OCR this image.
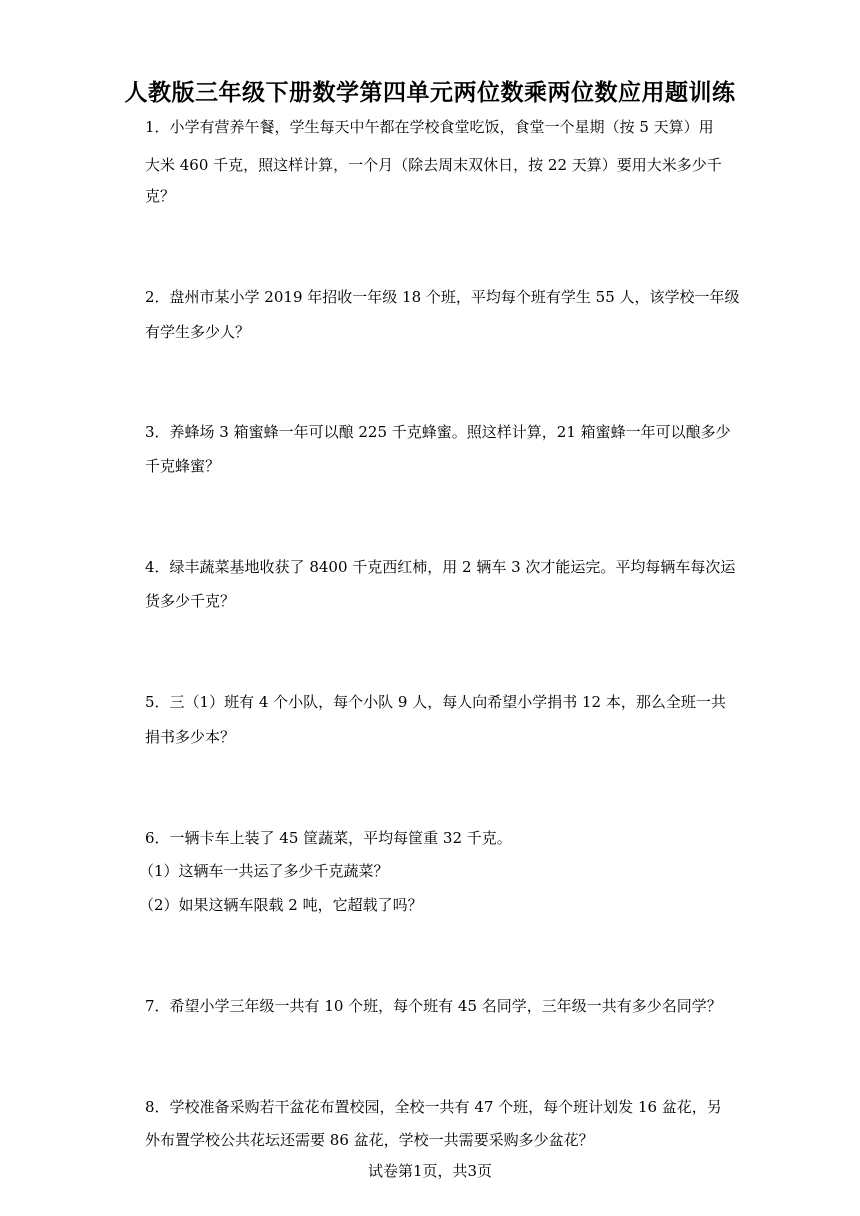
人教版三年级下册数学第四单元两位数乘两位数应用题训练
1．小学有营养午餐，学生每天中午都在学校食堂吃饭，食堂一个星期（按 5 天算）用
大米 460 千克，照这样计算，一个月（除去周末双休日，按 22 天算）要用大米多少千
克？
2．盘州市某小学 2019 年招收一年级 18 个班，平均每个班有学生 55 人，该学校一年级
有学生多少人？
3．养蜂场 3 箱蜜蜂一年可以酿 225 千克蜂蜜。照这样计算，21 箱蜜蜂一年可以酿多少
千克蜂蜜？
4．绿丰蔬菜基地收获了 8400 千克西红柿，用 2 辆车 3 次才能运完。平均每辆车每次运
货多少千克？
5．三（1）班有 4 个小队，每个小队 9 人，每人向希望小学捐书 12 本，那么全班一共
捐书多少本？
6．一辆卡车上装了 45 筐蔬菜，平均每筐重 32 千克。
（1）这辆车一共运了多少千克蔬菜？
（2）如果这辆车限载 2 吨，它超载了吗？
7．希望小学三年级一共有 10 个班，每个班有 45 名同学，三年级一共有多少名同学？
8．学校准备采购若干盆花布置校园，全校一共有 47 个班，每个班计划发 16 盆花，另
外布置学校公共花坛还需要 86 盆花，学校一共需要采购多少盆花？
试卷第1页，共3页
